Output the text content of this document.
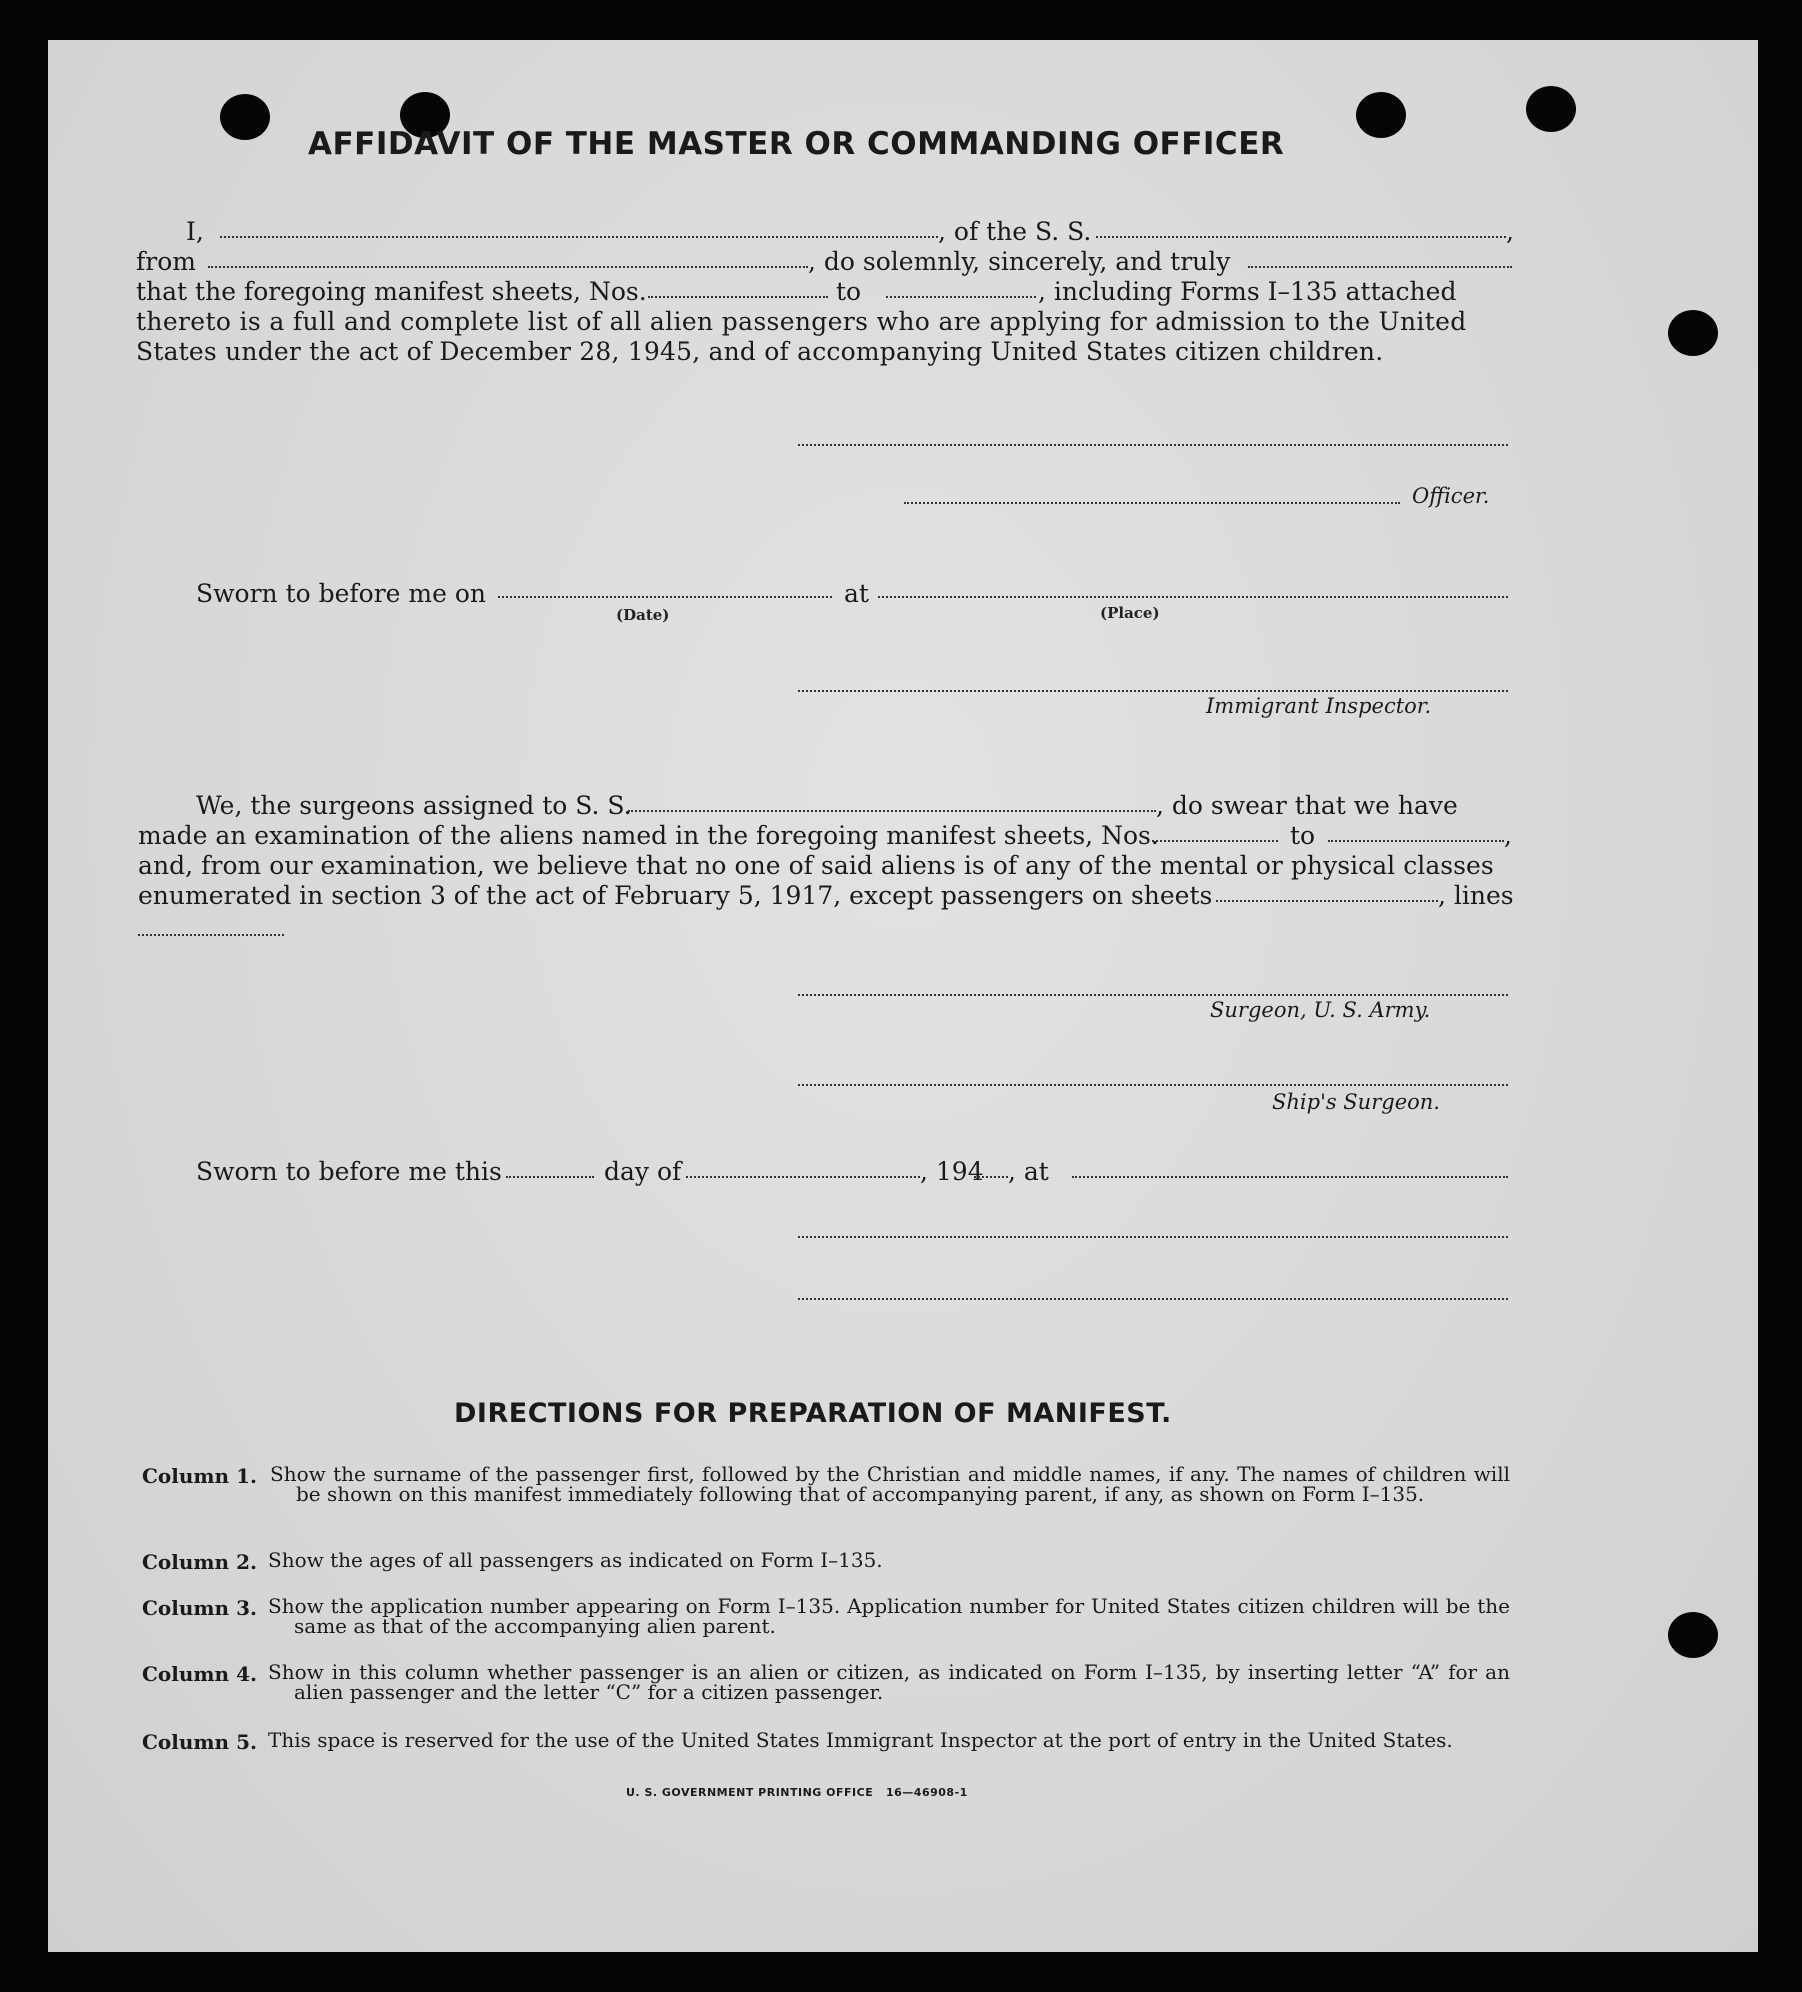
AFFIDAVIT OF THE MASTER OR COMMANDING OFFICER
I,	, of the S. S.	,
from	, do solemnly, sincerely, and truly
that the foregoing manifest sheets, Nos.	to	, including Forms I–135 attached
thereto is a full and complete list of all alien passengers who are applying for admission to the United
States under the act of December 28, 1945, and of accompanying United States citizen children.
Officer.
Sworn to before me on	at
(Date)	(Place)
Immigrant Inspector.
We, the surgeons assigned to S. S.	, do swear that we have
made an examination of the aliens named in the foregoing manifest sheets, Nos.	to	,
and, from our examination, we believe that no one of said aliens is of any of the mental or physical classes
enumerated in section 3 of the act of February 5, 1917, except passengers on sheets	, lines
Surgeon, U. S. Army.
Ship's Surgeon.
Sworn to before me this	day of	, 194 , at
DIRECTIONS FOR PREPARATION OF MANIFEST.
Column 1. Show the surname of the passenger first, followed by the Christian and middle names, if any. The names of children will be shown on this manifest immediately following that of accompanying parent, if any, as shown on Form I–135.
Column 2. Show the ages of all passengers as indicated on Form I–135.
Column 3. Show the application number appearing on Form I–135. Application number for United States citizen children will be the same as that of the accompanying alien parent.
Column 4. Show in this column whether passenger is an alien or citizen, as indicated on Form I–135, by inserting letter “A” for an alien passenger and the letter “C” for a citizen passenger.
Column 5. This space is reserved for the use of the United States Immigrant Inspector at the port of entry in the United States.
U. S. GOVERNMENT PRINTING OFFICE 16—46908-1
